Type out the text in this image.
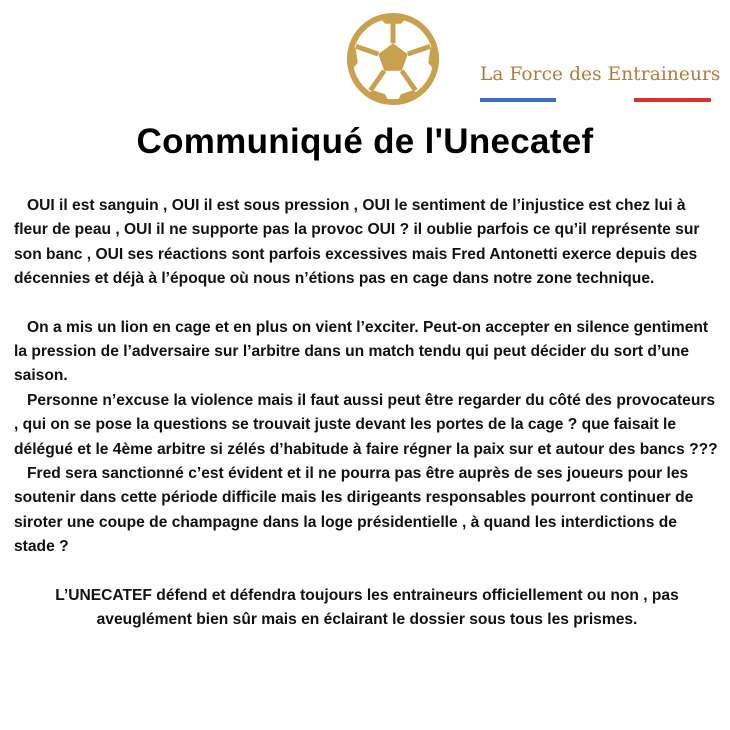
La Force des Entraineurs
Communiqué de l'Unecatef

OUI il est sanguin , OUI il est sous pression , OUI le sentiment de l’injustice est chez lui à fleur de peau , OUI il ne supporte pas la provoc OUI ? il oublie parfois ce qu’il représente sur son banc , OUI ses réactions sont parfois excessives mais Fred Antonetti exerce depuis des décennies et déjà à l’époque où nous n’étions pas en cage dans notre zone technique.

On a mis un lion en cage et en plus on vient l’exciter. Peut-on accepter en silence gentiment la pression de l’adversaire sur l’arbitre dans un match tendu qui peut décider du sort d’une saison.

Personne n’excuse la violence mais il faut aussi peut être regarder du côté des provocateurs , qui on se pose la questions se trouvait juste devant les portes de la cage ? que faisait le délégué et le 4ème arbitre si zélés d’habitude à faire régner la paix sur et autour des bancs ???

Fred sera sanctionné c’est évident et il ne pourra pas être auprès de ses joueurs pour les soutenir dans cette période difficile mais les dirigeants responsables pourront continuer de siroter une coupe de champagne dans la loge présidentielle , à quand les interdictions de stade ?

L’UNECATEF défend et défendra toujours les entraineurs officiellement ou non , pas aveuglément bien sûr mais en éclairant le dossier sous tous les prismes.
